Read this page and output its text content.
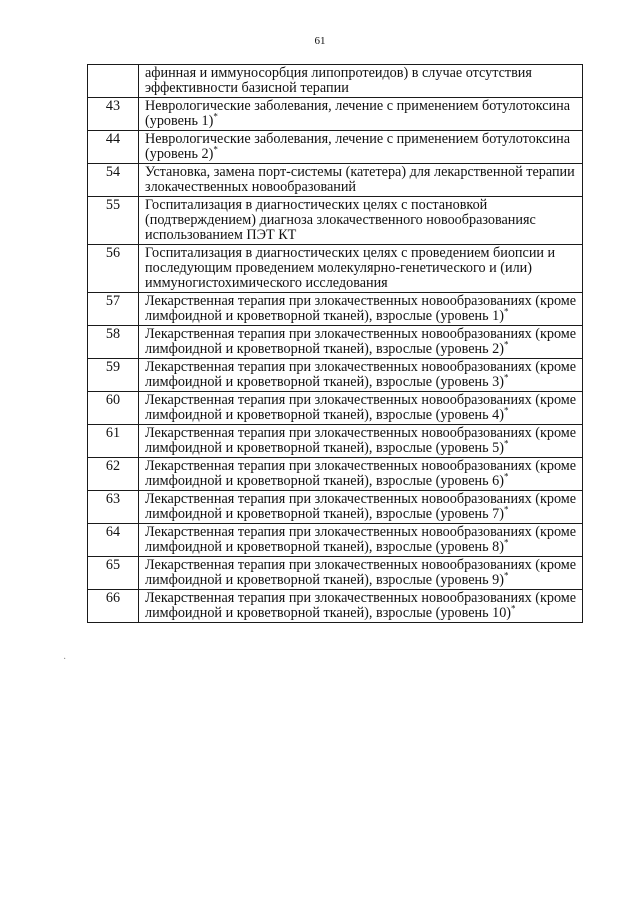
61
·
	афинная и иммуносорбция липопротеидов) в случае отсутствия эффективности базисной терапии
43	Неврологические заболевания, лечение с применением ботулотоксина (уровень 1)*
44	Неврологические заболевания, лечение с применением ботулотоксина (уровень 2)*
54	Установка, замена порт-системы (катетера) для лекарственной терапии злокачественных новообразований
55	Госпитализация в диагностических целях с постановкой (подтверждением) диагноза злокачественного новообразованияс использованием ПЭТ КТ
56	Госпитализация в диагностических целях с проведением биопсии и последующим проведением молекулярно-генетического и (или) иммуногистохимического исследования
57	Лекарственная терапия при злокачественных новообразованиях (кроме лимфоидной и кроветворной тканей), взрослые (уровень 1)*
58	Лекарственная терапия при злокачественных новообразованиях (кроме лимфоидной и кроветворной тканей), взрослые (уровень 2)*
59	Лекарственная терапия при злокачественных новообразованиях (кроме лимфоидной и кроветворной тканей), взрослые (уровень 3)*
60	Лекарственная терапия при злокачественных новообразованиях (кроме лимфоидной и кроветворной тканей), взрослые (уровень 4)*
61	Лекарственная терапия при злокачественных новообразованиях (кроме лимфоидной и кроветворной тканей), взрослые (уровень 5)*
62	Лекарственная терапия при злокачественных новообразованиях (кроме лимфоидной и кроветворной тканей), взрослые (уровень 6)*
63	Лекарственная терапия при злокачественных новообразованиях (кроме лимфоидной и кроветворной тканей), взрослые (уровень 7)*
64	Лекарственная терапия при злокачественных новообразованиях (кроме лимфоидной и кроветворной тканей), взрослые (уровень 8)*
65	Лекарственная терапия при злокачественных новообразованиях (кроме лимфоидной и кроветворной тканей), взрослые (уровень 9)*
66	Лекарственная терапия при злокачественных новообразованиях (кроме лимфоидной и кроветворной тканей), взрослые (уровень 10)*
